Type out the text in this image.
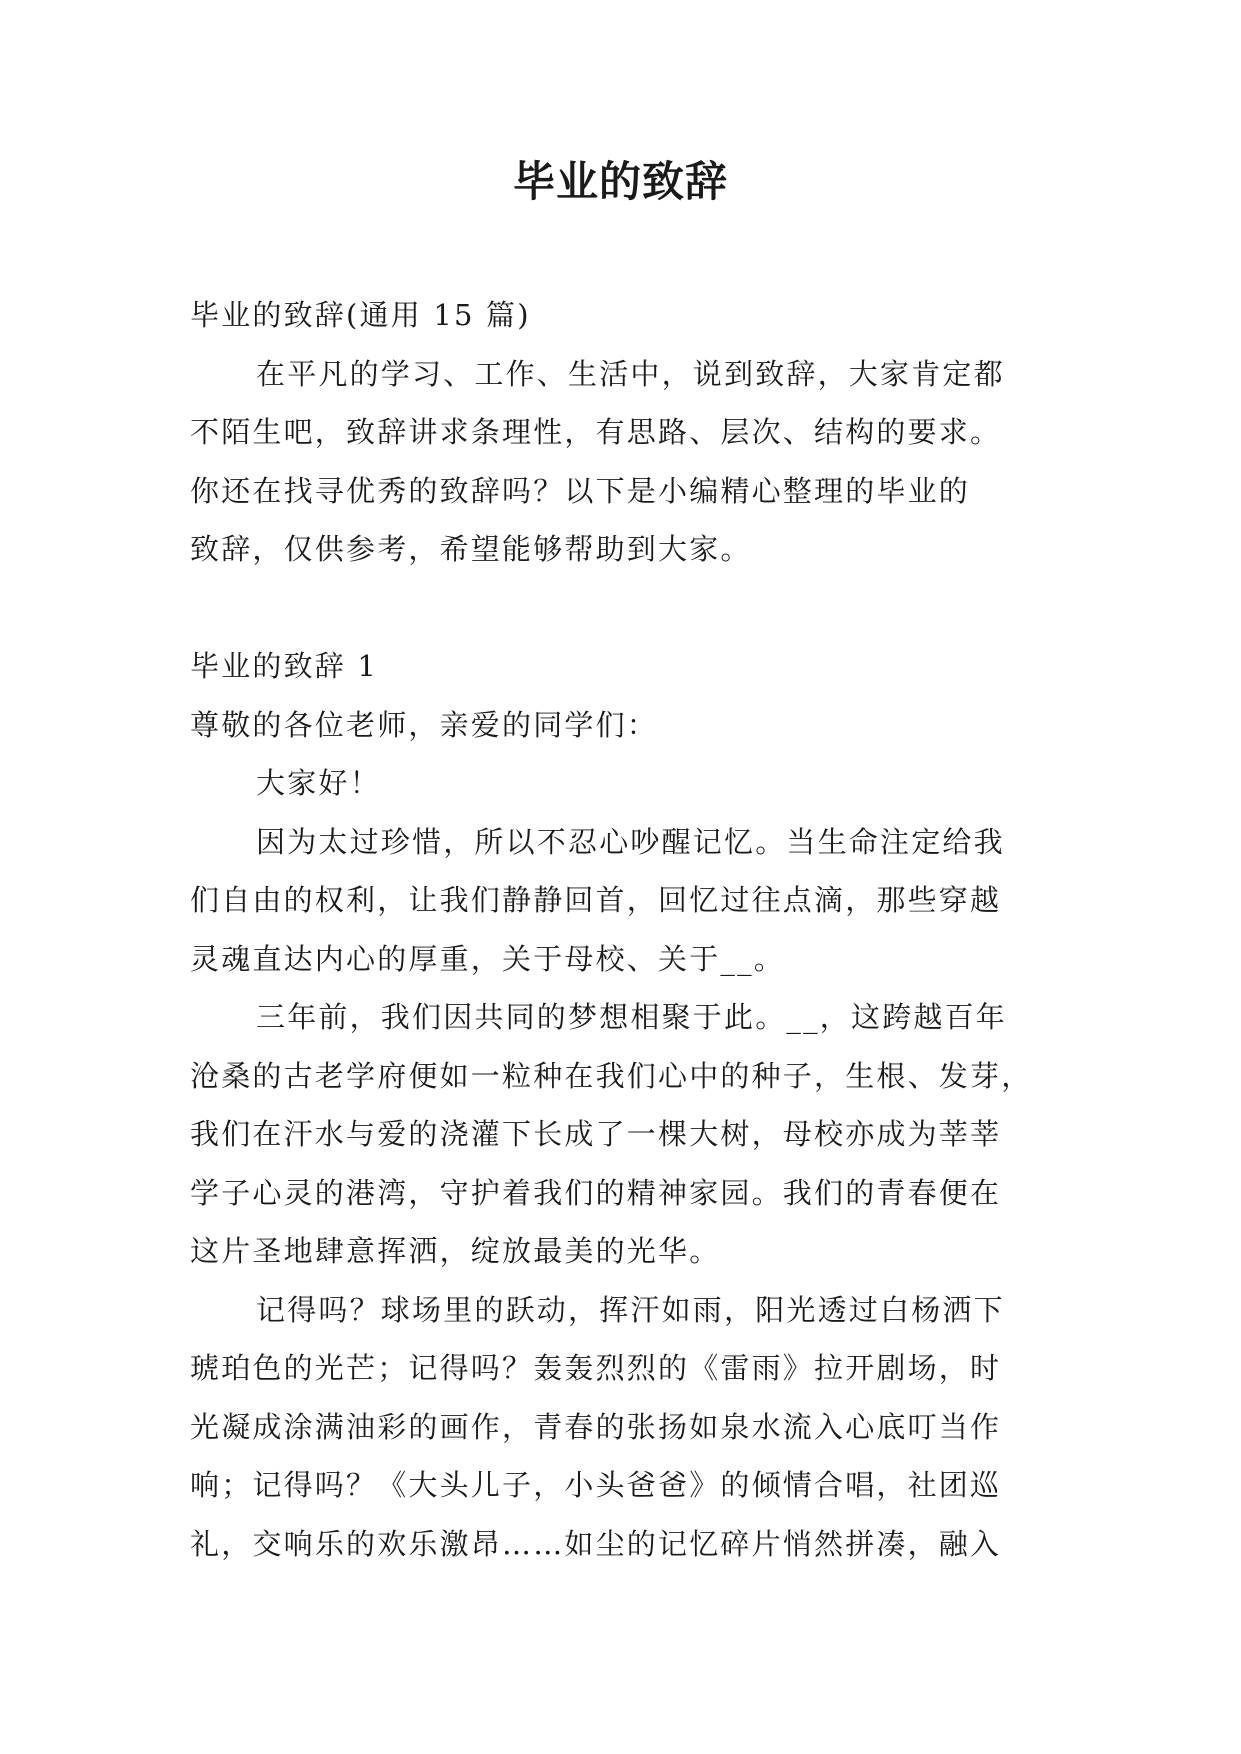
毕业的致辞
毕业的致辞(通用 15 篇)
在平凡的学习、工作、生活中，说到致辞，大家肯定都
不陌生吧，致辞讲求条理性，有思路、层次、结构的要求。
你还在找寻优秀的致辞吗？以下是小编精心整理的毕业的
致辞，仅供参考，希望能够帮助到大家。
毕业的致辞 1
尊敬的各位老师，亲爱的同学们：
大家好！
因为太过珍惜，所以不忍心吵醒记忆。当生命注定给我
们自由的权利，让我们静静回首，回忆过往点滴，那些穿越
灵魂直达内心的厚重，关于母校、关于__。
三年前，我们因共同的梦想相聚于此。__，这跨越百年
沧桑的古老学府便如一粒种在我们心中的种子，生根、发芽，
我们在汗水与爱的浇灌下长成了一棵大树，母校亦成为莘莘
学子心灵的港湾，守护着我们的精神家园。我们的青春便在
这片圣地肆意挥洒，绽放最美的光华。
记得吗？球场里的跃动，挥汗如雨，阳光透过白杨洒下
琥珀色的光芒；记得吗？轰轰烈烈的《雷雨》拉开剧场，时
光凝成涂满油彩的画作，青春的张扬如泉水流入心底叮当作
响；记得吗？《大头儿子，小头爸爸》的倾情合唱，社团巡
礼，交响乐的欢乐激昂……如尘的记忆碎片悄然拼凑，融入
